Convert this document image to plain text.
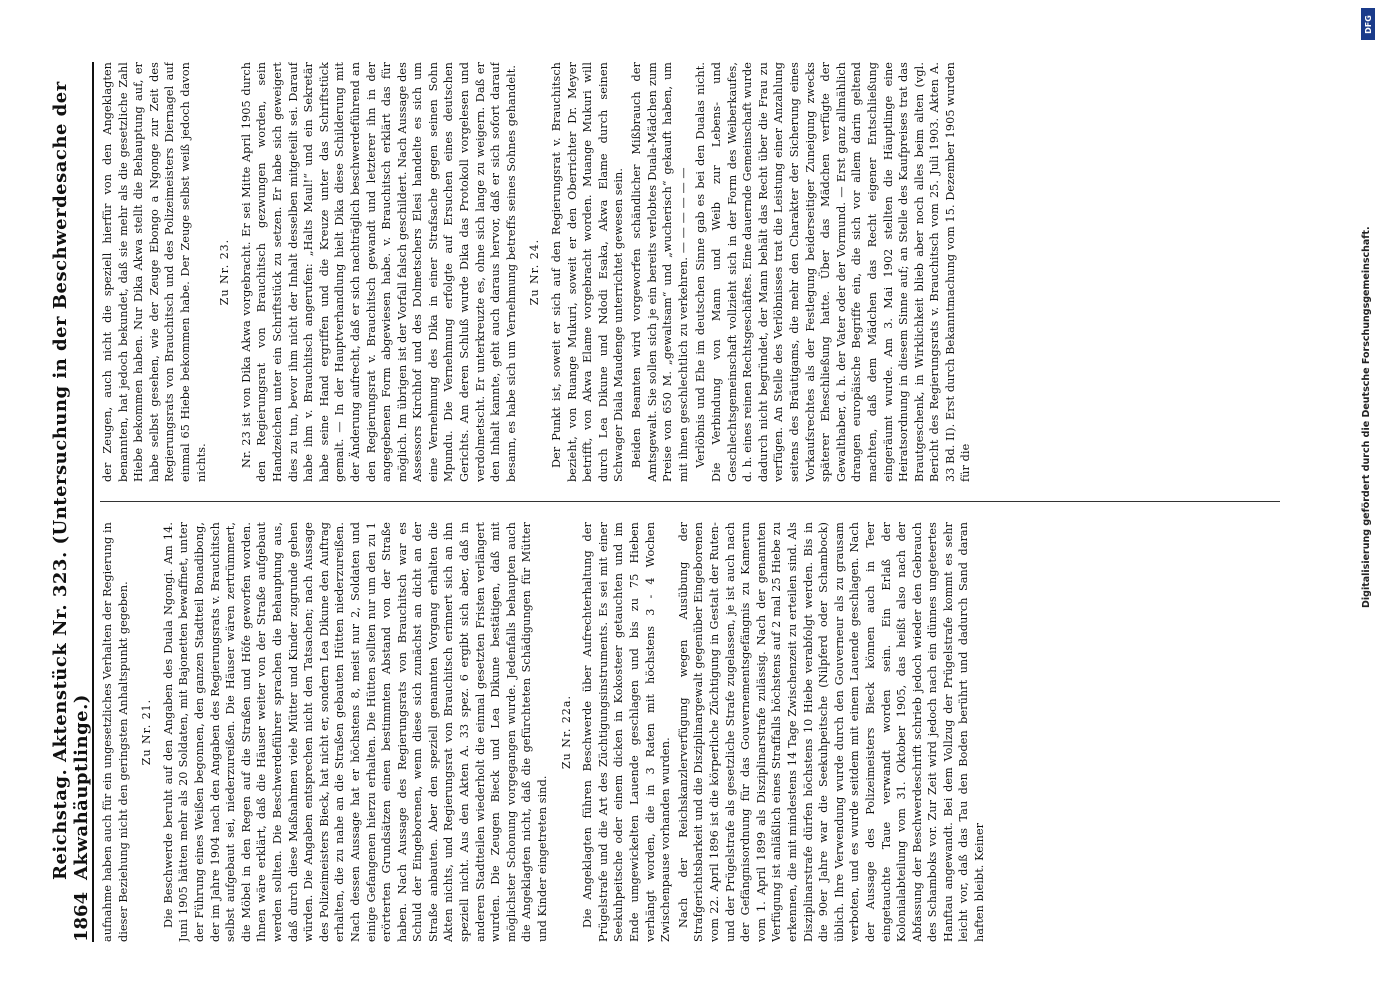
1864
Reichstag. Aktenstück Nr. 323. (Untersuchung in der Beschwerdesache der Akwahäuptlinge.) aufnahme haben auch für ein ungesetzliches Verhalten der Regierung in dieser Beziehung nicht den geringsten Anhaltspunkt gegeben. Zu Nr. 21. Die Beschwerde beruht auf den Angaben des Duala Ngongi. Am 14. Juni 1905 hätten mehr als 20 Soldaten, mit Bajonetten bewaffnet, unter der Führung eines Weißen begonnen, den ganzen Stadtteil Bonadibong, der im Jahre 1904 nach den Angaben des Regierungsrats v. Brauchitsch selbst aufgebaut sei, niederzureißen. Die Häuser wären zertrümmert, die Möbel in den Regen auf die Straßen und Höfe geworfen worden. Ihnen wäre erklärt, daß die Häuser weiter von der Straße aufgebaut werden sollten. Die Beschwerdeführer sprachen die Behauptung aus, daß durch diese Maßnahmen viele Mütter und Kinder zugrunde gehen würden. Die Angaben entsprechen nicht den Tatsachen; nach Aussage des Polizeimeisters Bieck, hat nicht er, sondern Lea Dikune den Auftrag erhalten, die zu nahe an die Straßen gebauten Hütten niederzureißen. Nach dessen Aussage hat er höchstens 8, meist nur 2, Soldaten und einige Gefangenen hierzu erhalten. Die Hütten sollten nur um den zu 1 erörterten Grundsätzen einen bestimmten Abstand von der Straße haben. Nach Aussage des Regierungsrats von Brauchitsch war es Schuld der Eingeborenen, wenn diese sich zunächst an dicht an der Straße anbauten. Aber den speziell genannten Vorgang erhalten die Akten nichts, und Regierungsrat von Brauchitsch erinnert sich an ihn speziell nicht. Aus den Akten A. 33 spez. 6 ergibt sich aber, daß in anderen Stadtteilen wiederholt die einmal gesetzten Fristen verlängert wurden. Die Zeugen Bieck und Lea Dikune bestätigen, daß mit möglichster Schonung vorgegangen wurde. Jedenfalls behaupten auch die Angeklagten nicht, daß die gefürchteten Schädigungen für Mütter und Kinder eingetreten sind.

Zu Nr. 22a. Die Angeklagten führen Beschwerde über Aufrechterhaltung der Prügelstrafe und die Art des Züchtigungsinstruments. Es sei mit einer Seekuhpeitsche oder einem dicken in Kokosteer getauchten und im Ende umgewickelten Lauende geschlagen und bis zu 75 Hieben verhängt worden, die in 3 Raten mit höchstens 3 - 4 Wochen Zwischenpause vorhanden wurden. Nach der Reichskanzlerverfügung wegen Ausübung der Strafgerichtsbarkeit und die Disziplinargewalt gegenüber Eingeborenen vom 22. April 1896 ist die körperliche Züchtigung in Gestalt der Ruten- und der Prügelstrafe als gesetzliche Strafe zugelassen, je ist auch nach der Gefängnisordnung für das Gouvernementsgefängnis zu Kamerun vom 1. April 1899 als Disziplinarstrafe zulässig. Nach der genannten Verfügung ist anläßlich eines Straffalls höchstens auf 2 mal 25 Hiebe zu erkennen, die mit mindestens 14 Tage Zwischenzeit zu erteilen sind. Als Disziplinarstrafe dürfen höchstens 10 Hiebe verabfolgt werden. Bis in die 90er Jahre war die Seekuhpeitsche (Nilpferd oder Schambock) üblich. Ihre Verwendung wurde durch den Gouverneur als zu grausam verboten, und es wurde seitdem mit einem Lauende geschlagen. Nach der Aussage des Polizeimeisters Bieck können auch in Teer eingetauchte Taue verwandt worden sein. Ein Erlaß der Kolonialabteilung vom 31. Oktober 1905, das heißt also nach der Abfassung der Beschwerdeschrift schrieb jedoch wieder den Gebrauch des Schamboks vor. Zur Zeit wird jedoch nach ein dünnes ungeteertes Hanftau angewandt. Bei dem Vollzug der Prügelstrafe kommt es sehr leicht vor, daß das Tau den Boden berührt und dadurch Sand daran haften bleibt. Keiner

der Zeugen, auch nicht die speziell hierfür von den Angeklagten benannten, hat jedoch bekundet, daß sie mehr als die gesetzliche Zahl Hiebe bekommen haben. Nur Dika Akwa stellt die Behauptung auf, er habe selbst gesehen, wie der Zeuge Ebongo a Ngonge zur Zeit des Regierungsrats von Brauchitsch und des Polizeimeisters Diernagel auf einmal 65 Hiebe bekommen habe. Der Zeuge selbst weiß jedoch davon nichts.

Zu Nr. 23. Nr. 23 ist von Dika Akwa vorgebracht. Er sei Mitte April 1905 durch den Regierungsrat von Brauchitsch gezwungen worden, sein Handzeichen unter ein Schriftstück zu setzen. Er habe sich geweigert dies zu tun, bevor ihm nicht der Inhalt desselben mitgeteilt sei. Darauf habe ihm v. Brauchitsch angerufen: „Halts Maul!“ und ein Sekretär habe seine Hand ergriffen und die Kreuze unter das Schriftstück gemalt. — In der Hauptverhandlung hielt Dika diese Schilderung mit der Änderung aufrecht, daß er sich nachträglich beschwerdeführend an den Regierungsrat v. Brauchitsch gewandt und letzterer ihn in der angegebenen Form abgewiesen habe. v. Brauchitsch erklärt das für möglich. Im übrigen ist der Vorfall falsch geschildert. Nach Aussage des Assessors Kirchhof und des Dolmetschers Elesi handelte es sich um eine Vernehmung des Dika in einer Strafsache gegen seinen Sohn Mpundu. Die Vernehmung erfolgte auf Ersuchen eines deutschen Gerichts. Am deren Schluß wurde Dika das Protokoll vorgelesen und verdolmetscht. Er unterkreuzte es, ohne sich lange zu weigern. Daß er den Inhalt kannte, geht auch daraus hervor, daß er sich sofort darauf besann, es habe sich um Vernehmung betreffs seines Sohnes gehandelt. Zu Nr. 24. Der Punkt ist, soweit er sich auf den Regierungsrat v. Brauchitsch bezieht, von Ruange Mukuri, soweit er den Oberrichter Dr. Meyer betrifft, von Akwa Elame vorgebracht worden. Muange Mukuri will durch Lea Dikune und Ndodi Esaka, Akwa Elame durch seinen Schwager Diala Maudenge unterrichtet gewesen sein. Beiden Beamten wird vorgeworfen schändlicher Mißbrauch der Amtsgewalt. Sie sollen sich je ein bereits verlobtes Duala-Mädchen zum Preise von 650 M. „gewaltsam“ und „wucherisch“ gekauft haben, um mit ihnen geschlechtlich zu verkehren. — — — — — — Verlöbnis und Ehe im deutschen Sinne gab es bei den Dualas nicht. Die Verbindung von Mann und Weib zur Lebens- und Geschlechtsgemeinschaft vollzieht sich in der Form des Weiberkaufes, d. h. eines reinen Rechtsgeschäftes. Eine dauernde Gemeinschaft wurde dadurch nicht begründet, der Mann behält das Recht über die Frau zu verfügen. An Stelle des Verlöbnisses trat die Leistung einer Anzahlung seitens des Bräutigams, die mehr den Charakter der Sicherung eines Vorkaufsrechtes als der Festlegung beiderseitiger Zuneigung zwecks späterer Eheschließung hatte. Über das Mädchen verfügte der Gewalthaber, d. h. der Vater oder der Vormund. — Erst ganz allmählich drangen europäische Begriffe ein, die sich vor allem darin geltend machten, daß dem Mädchen das Recht eigener Entschließung eingeräumt wurde. Am 3. Mai 1902 stellten die Häuptlinge eine Heiratsordnung in diesem Sinne auf; an Stelle des Kaufpreises trat das Brautgeschenk, in Wirklichkeit blieb aber noch alles beim alten (vgl. Bericht des Regierungsrats v. Brauchitsch vom 25. Juli 1903. Akten A. 33 Bd. II). Erst durch Bekanntmachung vom 15. Dezember 1905 wurden für die

DFG
Digitalisierung gefördert durch die Deutsche Forschungsgemeinschaft.
